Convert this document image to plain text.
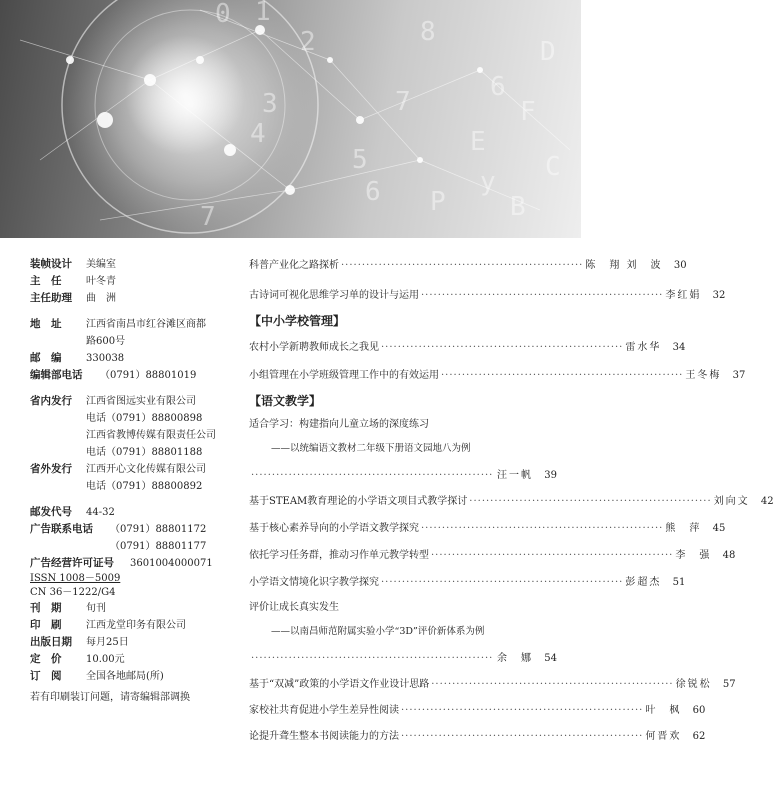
0 1
2
3
4
5
6
7
8
E
F
C
B
D
P
y
6
7
装帧设计	美编室
主　任	叶冬青
主任助理	曲　洲
地　址	江西省南昌市红谷滩区商都
路600号
邮　编	330038
编辑部电话	（0791）88801019
省内发行	江西省图远实业有限公司
电话（0791）88800898
江西省教博传媒有限责任公司
电话（0791）88801188
省外发行	江西开心文化传媒有限公司
电话（0791）88800892
邮发代号	44-32
广告联系电话	（0791）88801172
（0791）88801177
广告经营许可证号	3601004000071
ISSN 1008－5009
CN 36－1222/G4
刊　期	旬刊
印　刷	江西龙堂印务有限公司
出版日期	每月25日
定　价	10.00元
订　阅	全国各地邮局(所)
若有印刷装订问题，请寄编辑部调换
科普产业化之路探析 ·························································· 陈　翔 刘　波	30
古诗词可视化思维学习单的设计与运用 ·························································· 李红娟	32
【中小学校管理】
农村小学新聘教师成长之我见 ·························································· 雷水华	34
小组管理在小学班级管理工作中的有效运用 ·························································· 王冬梅	37
【语文教学】
适合学习：构建指向儿童立场的深度练习
——以统编语文教材二年级下册语文园地八为例
·························································· 汪一帆	39
基于STEAM教育理论的小学语文项目式教学探讨 ·························································· 刘向文	42
基于核心素养导向的小学语文教学探究 ·························································· 熊　萍	45
依托学习任务群，推动习作单元教学转型 ·························································· 李　强	48
小学语文情境化识字教学探究 ·························································· 彭超杰	51
评价让成长真实发生
——以南昌师范附属实验小学“3D”评价新体系为例
·························································· 余　娜	54
基于“双减”政策的小学语文作业设计思路 ·························································· 徐锐松	57
家校社共育促进小学生差异性阅读 ·························································· 叶　枫	60
论提升聋生整本书阅读能力的方法 ·························································· 何晋欢	62
